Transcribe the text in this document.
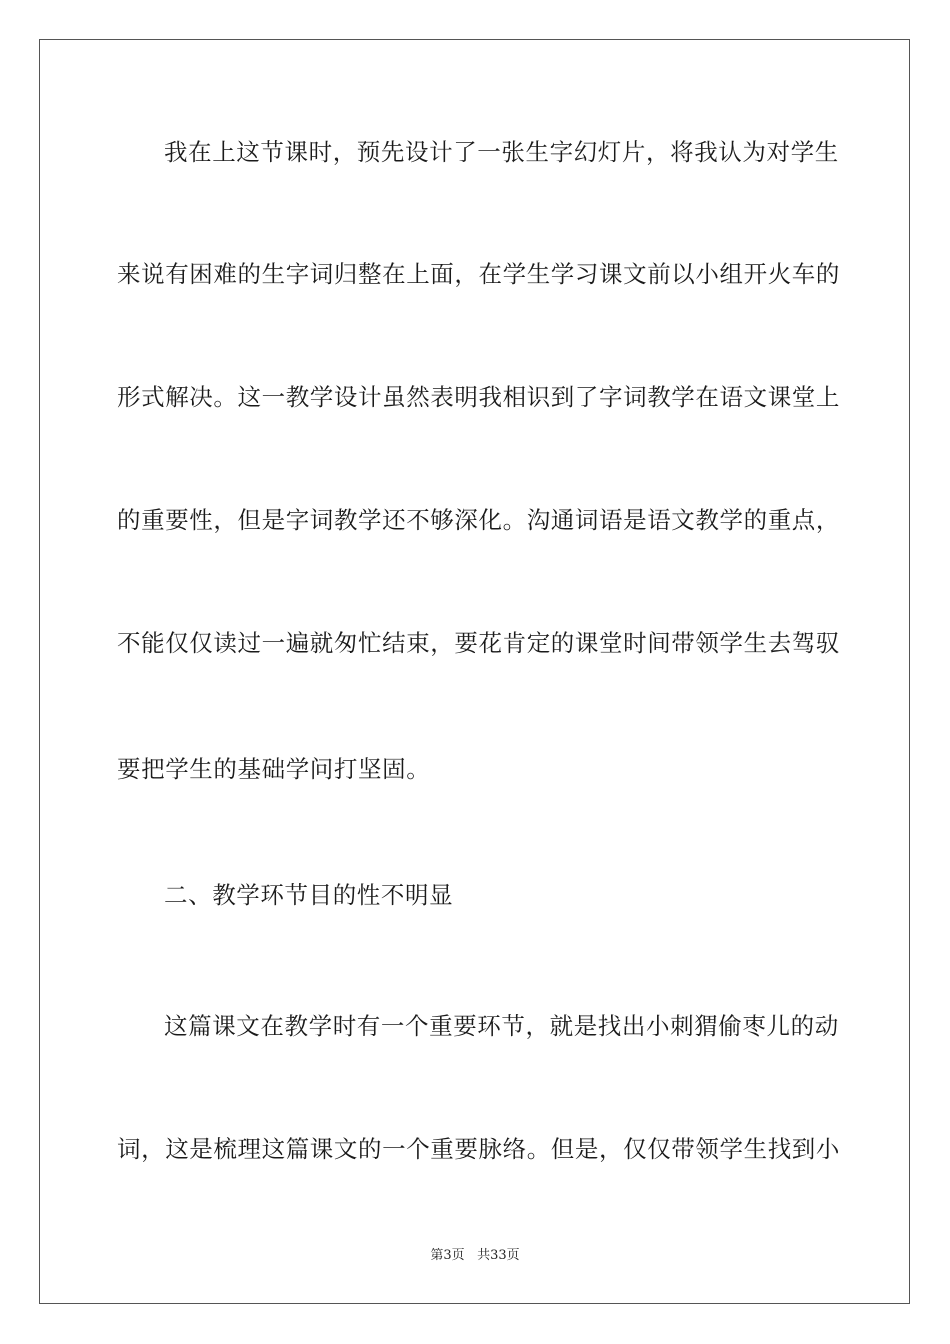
我在上这节课时，预先设计了一张生字幻灯片，将我认为对学生
来说有困难的生字词归整在上面，在学生学习课文前以小组开火车的
形式解决。这一教学设计虽然表明我相识到了字词教学在语文课堂上
的重要性，但是字词教学还不够深化。沟通词语是语文教学的重点，
不能仅仅读过一遍就匆忙结束，要花肯定的课堂时间带领学生去驾驭
要把学生的基础学问打坚固。
二、教学环节目的性不明显
这篇课文在教学时有一个重要环节，就是找出小刺猬偷枣儿的动
词，这是梳理这篇课文的一个重要脉络。但是，仅仅带领学生找到小
第3页 共33页
